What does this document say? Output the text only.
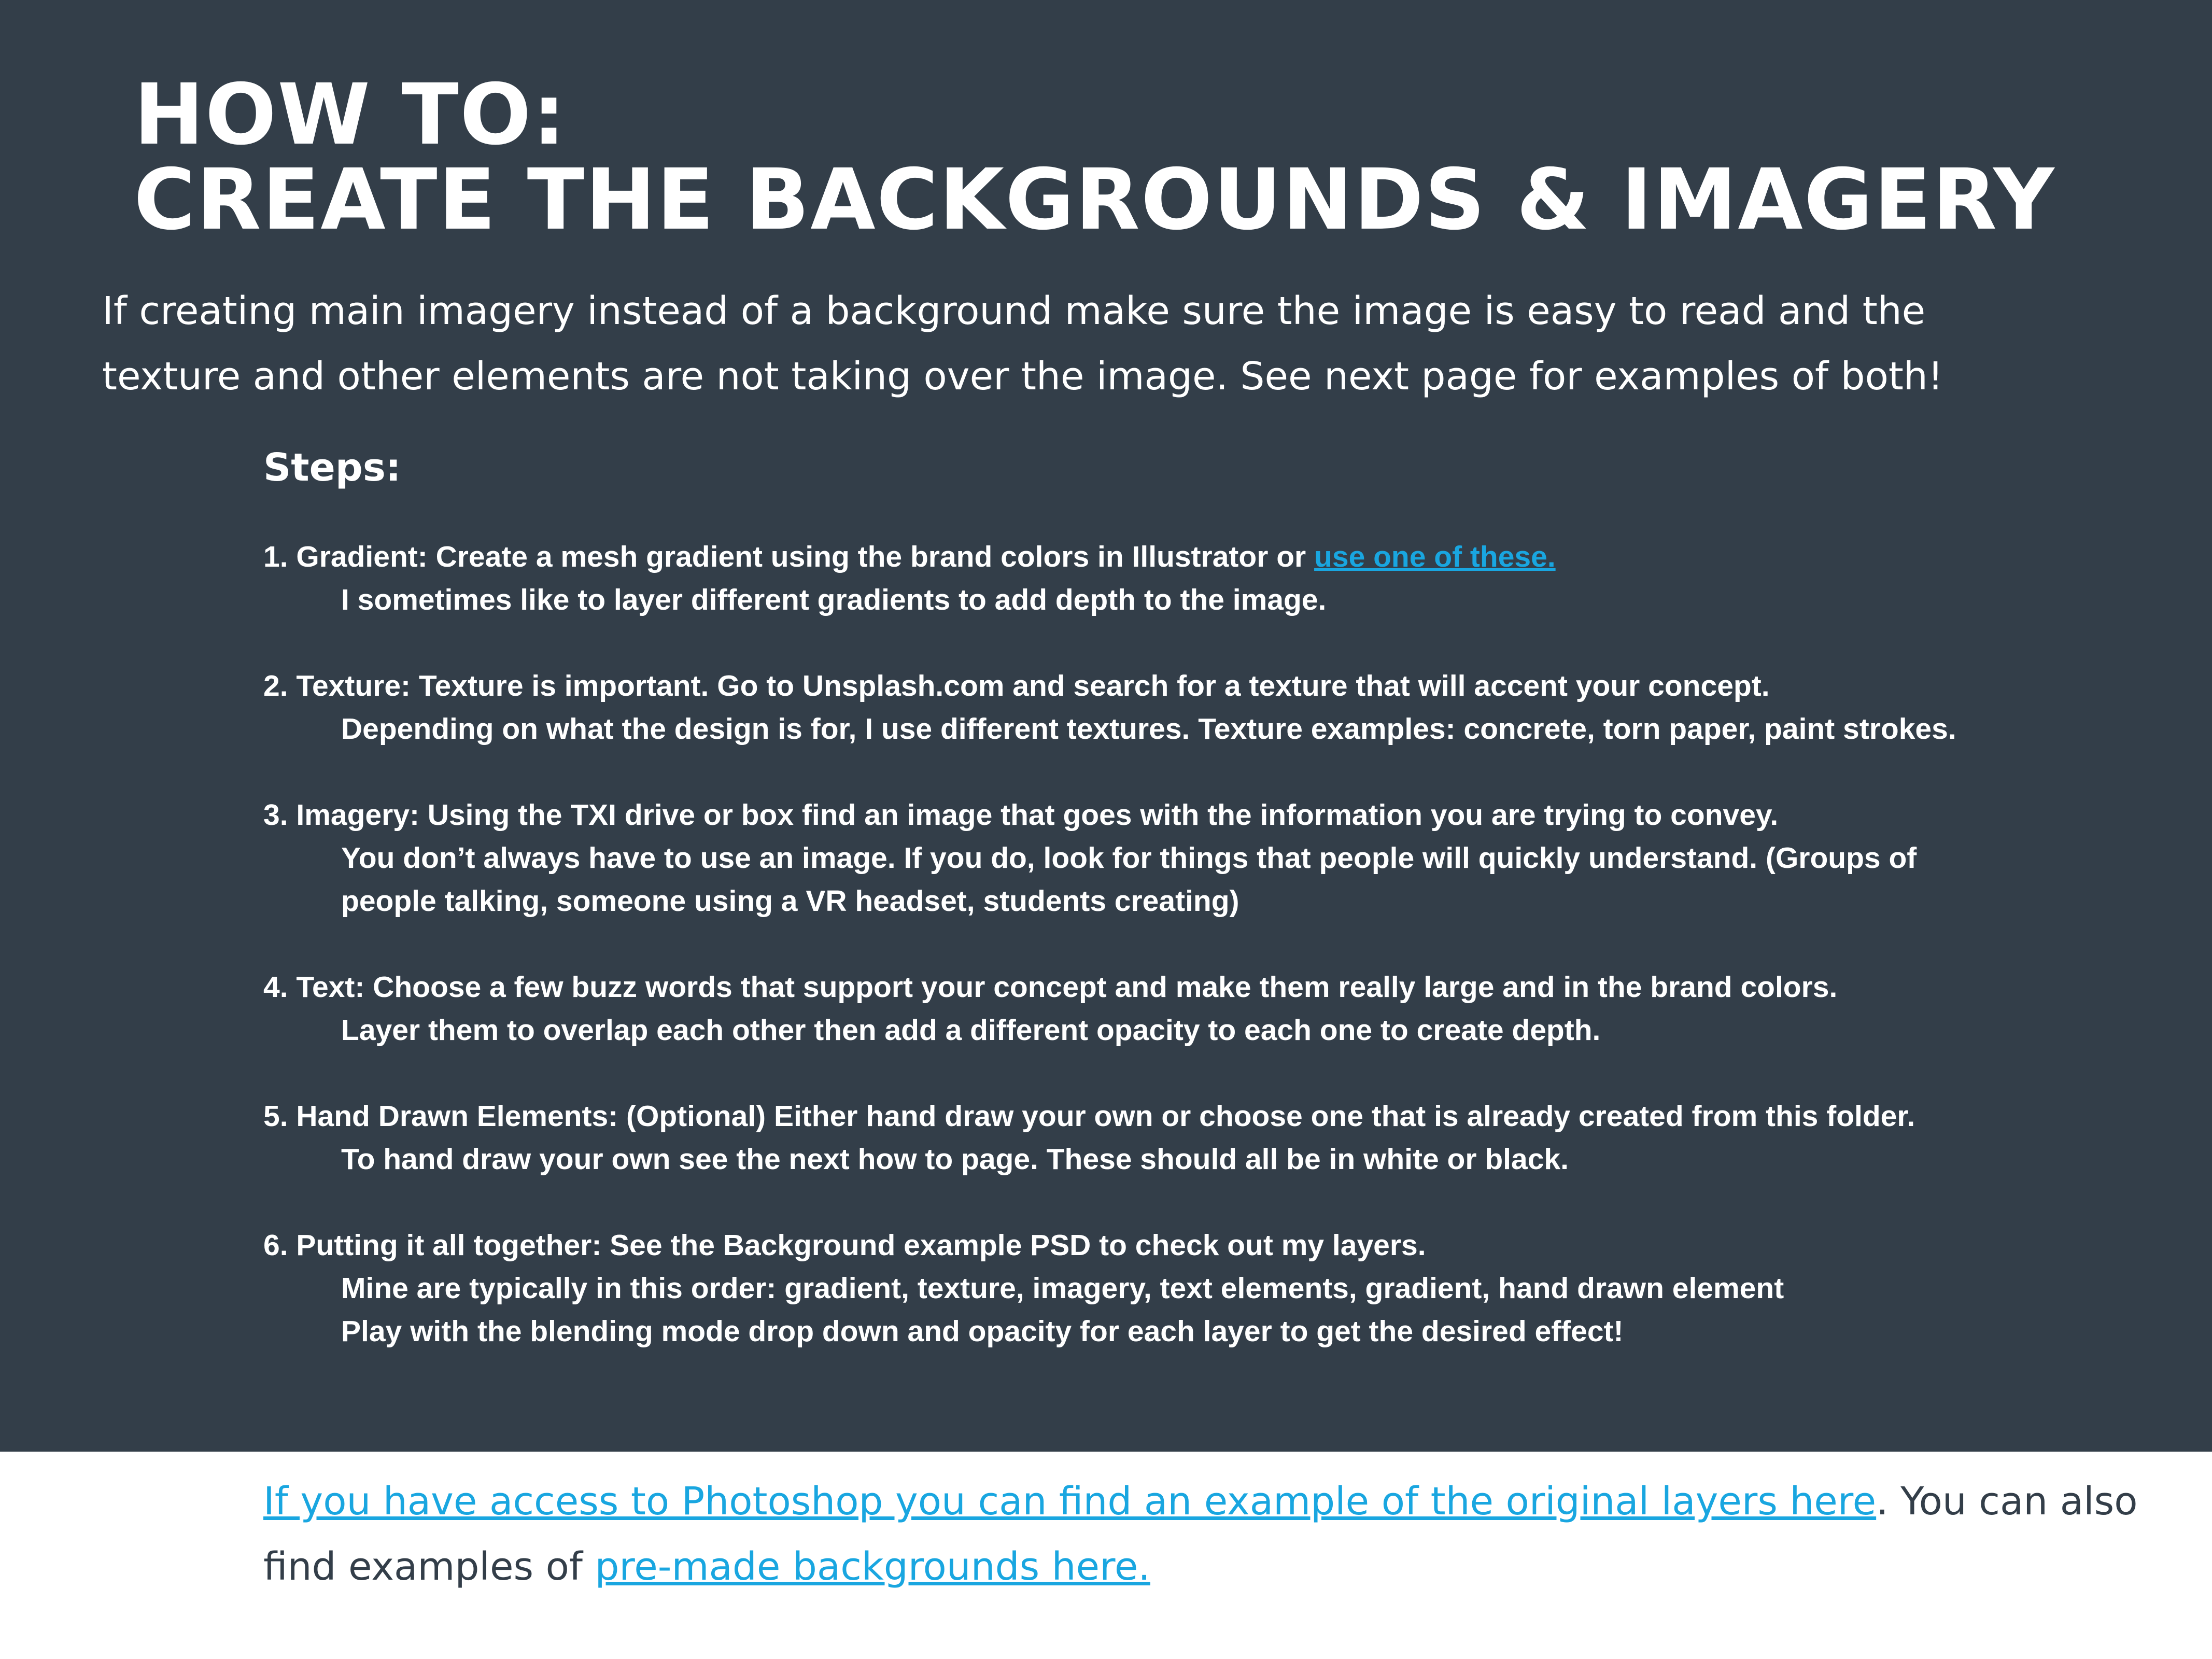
HOW TO:
CREATE THE BACKGROUNDS & IMAGERY

If creating main imagery instead of a background make sure the image is easy to read and the
texture and other elements are not taking over the image. See next page for examples of both!

Steps:
1. Gradient: Create a mesh gradient using the brand colors in Illustrator or use one of these.
I sometimes like to layer different gradients to add depth to the image.
2. Texture: Texture is important. Go to Unsplash.com and search for a texture that will accent your concept.
Depending on what the design is for, I use different textures. Texture examples: concrete, torn paper, paint strokes.
3. Imagery: Using the TXI drive or box find an image that goes with the information you are trying to convey.
You don’t always have to use an image. If you do, look for things that people will quickly understand. (Groups of
people talking, someone using a VR headset, students creating)
4. Text: Choose a few buzz words that support your concept and make them really large and in the brand colors.
Layer them to overlap each other then add a different opacity to each one to create depth.
5. Hand Drawn Elements: (Optional) Either hand draw your own or choose one that is already created from this folder.
To hand draw your own see the next how to page. These should all be in white or black.
6. Putting it all together: See the Background example PSD to check out my layers.
Mine are typically in this order: gradient, texture, imagery, text elements, gradient, hand drawn element
Play with the blending mode drop down and opacity for each layer to get the desired effect!

If you have access to Photoshop you can find an example of the original layers here. You can also
find examples of pre-made backgrounds here.
